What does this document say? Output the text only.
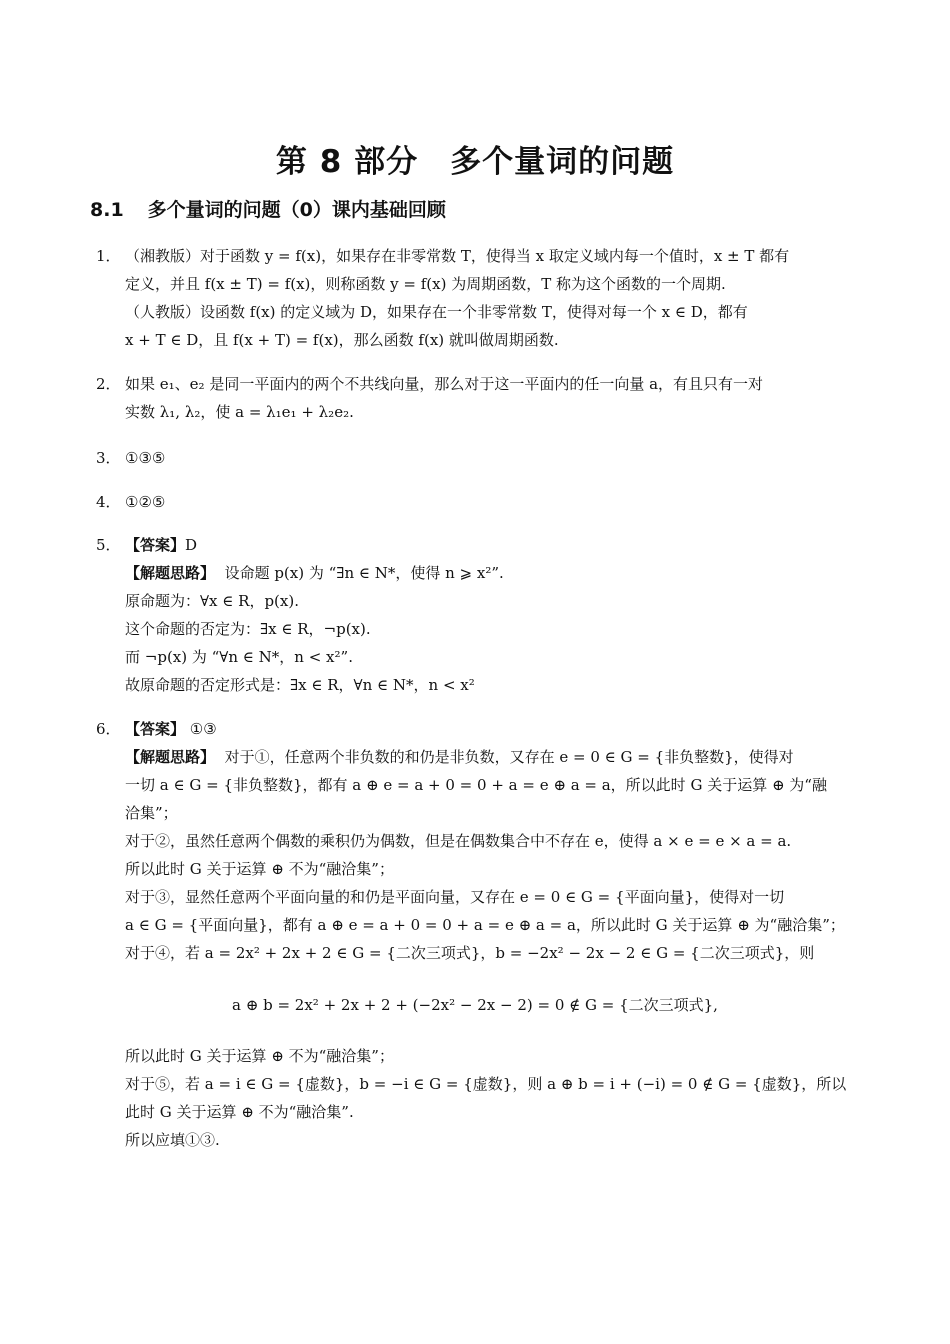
第 8 部分　多个量词的问题
8.1 多个量词的问题（0）课内基础回顾
1． （湘教版）对于函数 y = f(x)，如果存在非零常数 T，使得当 x 取定义域内每一个值时，x ± T 都有
定义，并且 f(x ± T) = f(x)，则称函数 y = f(x) 为周期函数，T 称为这个函数的一个周期.
（人教版）设函数 f(x) 的定义域为 D，如果存在一个非零常数 T，使得对每一个 x ∈ D，都有
x + T ∈ D，且 f(x + T) = f(x)，那么函数 f(x) 就叫做周期函数.
2． 如果 e₁、e₂ 是同一平面内的两个不共线向量，那么对于这一平面内的任一向量 a，有且只有一对
实数 λ₁, λ₂，使 a = λ₁e₁ + λ₂e₂.
3． ①③⑤
4． ①②⑤
5． 【答案】D
【解题思路】 设命题 p(x) 为 “∃n ∈ N*，使得 n ⩾ x²”.
原命题为：∀x ∈ R，p(x).
这个命题的否定为：∃x ∈ R，¬p(x).
而 ¬p(x) 为 “∀n ∈ N*，n < x²”.
故原命题的否定形式是：∃x ∈ R，∀n ∈ N*，n < x²
6． 【答案】 ①③
【解题思路】 对于①，任意两个非负数的和仍是非负数，又存在 e = 0 ∈ G = {非负整数}，使得对
一切 a ∈ G = {非负整数}，都有 a ⊕ e = a + 0 = 0 + a = e ⊕ a = a，所以此时 G 关于运算 ⊕ 为“融
洽集”；
对于②，虽然任意两个偶数的乘积仍为偶数，但是在偶数集合中不存在 e，使得 a × e = e × a = a.
所以此时 G 关于运算 ⊕ 不为“融洽集”；
对于③，显然任意两个平面向量的和仍是平面向量，又存在 e = 0 ∈ G = {平面向量}，使得对一切
a ∈ G = {平面向量}，都有 a ⊕ e = a + 0 = 0 + a = e ⊕ a = a，所以此时 G 关于运算 ⊕ 为“融洽集”；
对于④，若 a = 2x² + 2x + 2 ∈ G = {二次三项式}，b = −2x² − 2x − 2 ∈ G = {二次三项式}，则
a ⊕ b = 2x² + 2x + 2 + (−2x² − 2x − 2) = 0 ∉ G = {二次三项式},
所以此时 G 关于运算 ⊕ 不为“融洽集”；
对于⑤，若 a = i ∈ G = {虚数}，b = −i ∈ G = {虚数}，则 a ⊕ b = i + (−i) = 0 ∉ G = {虚数}，所以
此时 G 关于运算 ⊕ 不为“融洽集”.
所以应填①③.
